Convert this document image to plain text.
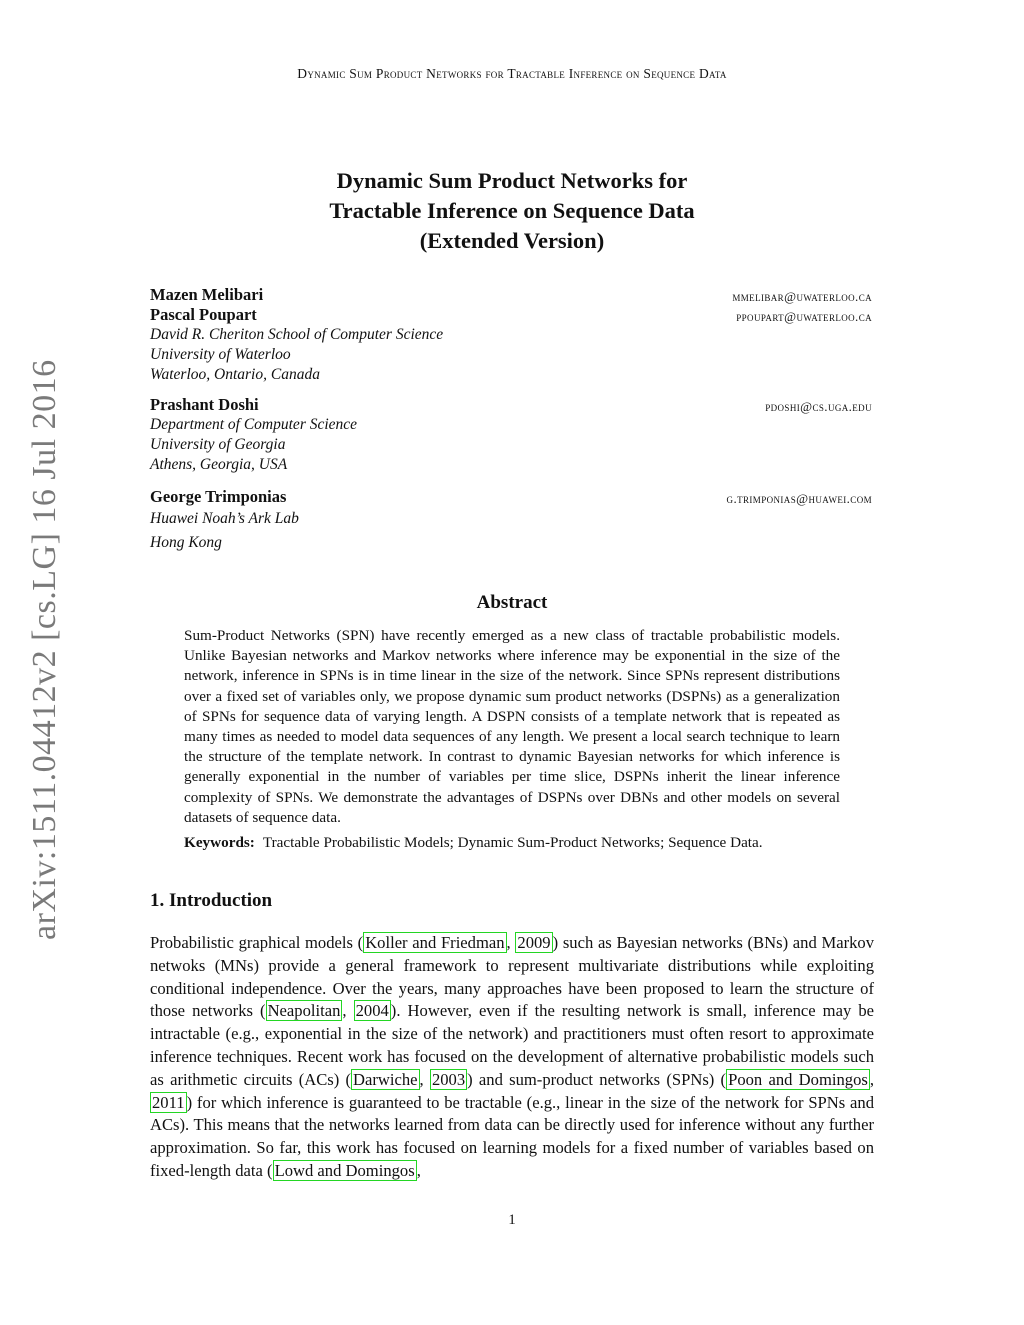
Dynamic Sum Product Networks for Tractable Inference on Sequence Data
Dynamic Sum Product Networks for
Tractable Inference on Sequence Data
(Extended Version)
Mazen Melibari	mmelibar@uwaterloo.ca
Pascal Poupart	ppoupart@uwaterloo.ca
David R. Cheriton School of Computer Science
University of Waterloo
Waterloo, Ontario, Canada
Prashant Doshi	pdoshi@cs.uga.edu
Department of Computer Science
University of Georgia
Athens, Georgia, USA
George Trimponias	g.trimponias@huawei.com
Huawei Noah’s Ark Lab
Hong Kong
arXiv:1511.04412v2 [cs.LG] 16 Jul 2016	Abstract
Sum-Product Networks (SPN) have recently emerged as a new class of tractable probabilistic models. Unlike Bayesian networks and Markov networks where inference may be exponential in the size of the network, inference in SPNs is in time linear in the size of the network. Since SPNs represent distributions over a fixed set of variables only, we propose dynamic sum product networks (DSPNs) as a generalization of SPNs for sequence data of varying length. A DSPN consists of a template network that is repeated as many times as needed to model data sequences of any length. We present a local search technique to learn the structure of the template network. In contrast to dynamic Bayesian networks for which inference is generally exponential in the number of variables per time slice, DSPNs inherit the linear inference complexity of SPNs. We demonstrate the advantages of DSPNs over DBNs and other models on several datasets of sequence data.
Keywords: Tractable Probabilistic Models; Dynamic Sum-Product Networks; Sequence Data.
1. Introduction
Probabilistic graphical models ( Koller and Friedman , 2009 ) such as Bayesian networks (BNs) and Markov netwoks (MNs) provide a general framework to represent multivariate distributions while exploiting conditional independence. Over the years, many approaches have been proposed to learn the structure of those networks ( Neapolitan , 2004 ). However, even if the resulting network is small, inference may be intractable (e.g., exponential in the size of the network) and practitioners must often resort to approximate inference techniques. Recent work has focused on the development of alternative probabilistic models such as arithmetic circuits (ACs) ( Darwiche , 2003 ) and sum-product networks (SPNs) ( Poon and Domingos , 2011 ) for which inference is guaranteed to be tractable (e.g., linear in the size of the network for SPNs and ACs). This means that the networks learned from data can be directly used for inference without any further approximation. So far, this work has focused on learning models for a fixed number of variables based on fixed-length data ( Lowd and Domingos ,
1
